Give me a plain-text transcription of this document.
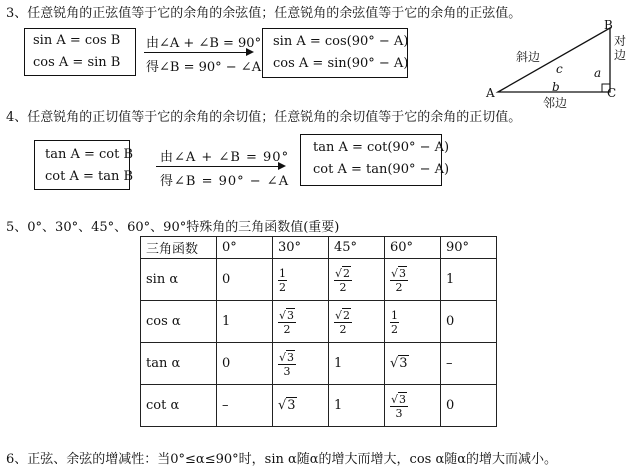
3、任意锐角的正弦值等于它的余角的余弦值；任意锐角的余弦值等于它的余角的正弦值。
sin A = cos B
cos A = sin B
由∠A + ∠B = 90°
得∠B = 90° − ∠A
sin A = cos(90° − A)
cos A = sin(90° − A)
A
B
C
c	a
b
斜边
对边
邻边
4、任意锐角的正切值等于它的余角的余切值；任意锐角的余切值等于它的余角的正切值。
tan A = cot B
cot A = tan B
由∠A + ∠B = 90°
得∠B = 90° − ∠A
tan A = cot(90° − A)
cot A = tan(90° − A)
5、0°、30°、45°、60°、90°特殊角的三角函数值(重要)
三角函数	0°	30°	45°	60°	90°
sin α	0	$\frac{1}{2}$	$\frac{√2}{2}$	$\frac{√3}{2}$	1
cos α	1	$\frac{√3}{2}$	$\frac{√2}{2}$	$\frac{1}{2}$	0
tan α	0	$\frac{√3}{3}$	1	√3	–
cot α	–	√3	1	$\frac{√3}{3}$	0
6、正弦、余弦的增减性：当0°≤α≤90°时，sin α随α的增大而增大，cos α随α的增大而减小。
